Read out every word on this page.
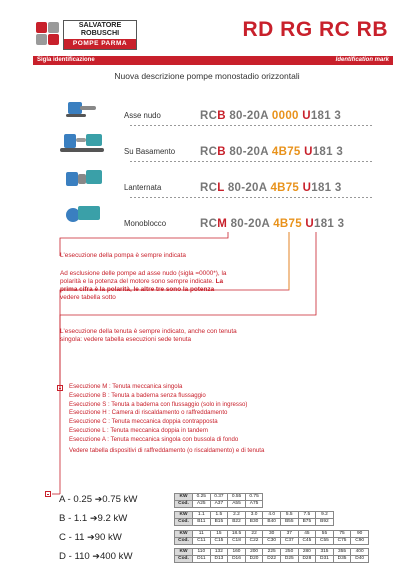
SALVATORE
ROBUSCHI
POMPE PARMA
RD RG RC RB
Sigla identificazione	Identification mark
Nuova descrizione pompe monostadio orizzontali
Asse nudo	RCB 80-20A 0000 U181 3
Su Basamento RCB 80-20A 4B75 U181 3
Lanternata	RCL 80-20A 4B75 U181 3
Monoblocco	RCM 80-20A 4B75 U181 3
L'esecuzione della pompa è sempre indicata
Ad esclusione delle pompe ad asse nudo (sigla =0000*), la
polarità e la potenza del motore sono sempre indicate. La
prima cifra è la polarità, le altre tre sono la potenza
vedere tabella sotto
L'esecuzione della tenuta è sempre indicato, anche con tenuta
singola: vedere tabella esecuzioni sede tenuta
Esecuzione M : Tenuta meccanica singola
Esecuzione B : Tenuta a baderna senza flussaggio
Esecuzione S : Tenuta a baderna con flussaggio (solo in ingresso)
Esecuzione H : Camera di riscaldamento o raffreddamento
Esecuzione C : Tenuta meccanica doppia contrapposta
Esecuzione L : Tenuta meccanica doppia in tandem
Esecuzione A : Tenuta meccanica singola con bussola di fondo
Vedere tabella dispositivi di raffreddamento (o riscaldamento) e di tenuta
A - 0.25 ➔0.75 kW
B - 1.1 ➔9.2 kW
C - 11 ➔90 kW
D - 110 ➔400 kW
KW	0.25	0.37	0.55	0.75
Cod.	A25	A37	A55	A75
KW	1.1	1.5	2.2	3.0	4.0	5.5	7.5	9.2
Cod.	B11	B15	B22	B30	B40	B55	B75	B92
KW	11	15	18.5	22	30	37	45	55	75	90
Cod.	C11	C15	C18	C22	C30	C37	C45	C55	C75	C90
KW	110	132	160	200	225	250	280	315	355	400
Cod.	D11	D13	D16	D20	D22	D25	D28	D31	D35	D40
